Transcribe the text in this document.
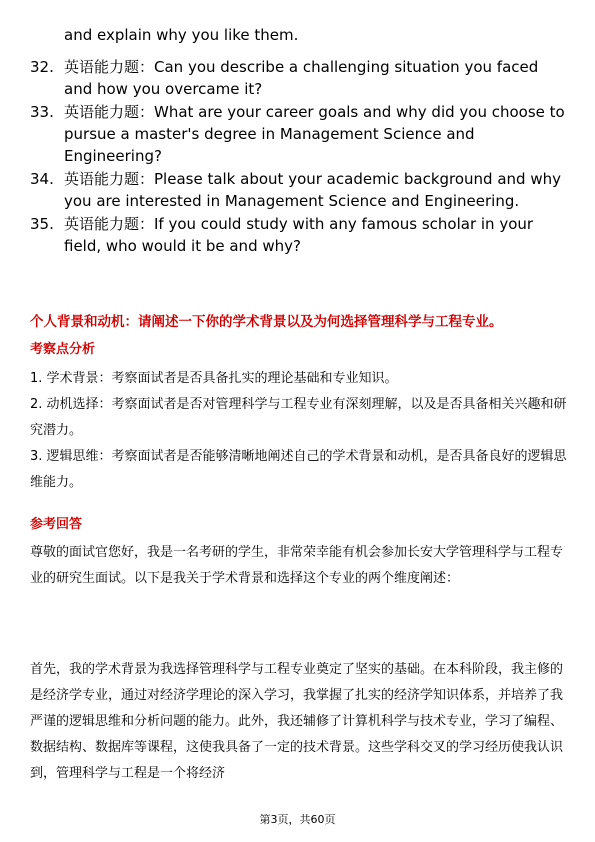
and explain why you like them.
32. 英语能力题：Can you describe a challenging situation you faced and how you overcame it?
33. 英语能力题：What are your career goals and why did you choose to pursue a master's degree in Management Science and Engineering?
34. 英语能力题：Please talk about your academic background and why you are interested in Management Science and Engineering.
35. 英语能力题：If you could study with any famous scholar in your field, who would it be and why?
个人背景和动机：请阐述一下你的学术背景以及为何选择管理科学与工程专业。
考察点分析

1. 学术背景：考察面试者是否具备扎实的理论基础和专业知识。

2. 动机选择：考察面试者是否对管理科学与工程专业有深刻理解，以及是否具备相关兴趣和研究潜力。

3. 逻辑思维：考察面试者是否能够清晰地阐述自己的学术背景和动机，是否具备良好的逻辑思维能力。

参考回答
尊敬的面试官您好，我是一名考研的学生，非常荣幸能有机会参加长安大学管理科学与工程专业的研究生面试。以下是我关于学术背景和选择这个专业的两个维度阐述：
首先，我的学术背景为我选择管理科学与工程专业奠定了坚实的基础。在本科阶段，我主修的是经济学专业，通过对经济学理论的深入学习，我掌握了扎实的经济学知识体系，并培养了我严谨的逻辑思维和分析问题的能力。此外，我还辅修了计算机科学与技术专业，学习了编程、数据结构、数据库等课程，这使我具备了一定的技术背景。这些学科交叉的学习经历使我认识到，管理科学与工程是一个将经济
第3页，共60页
